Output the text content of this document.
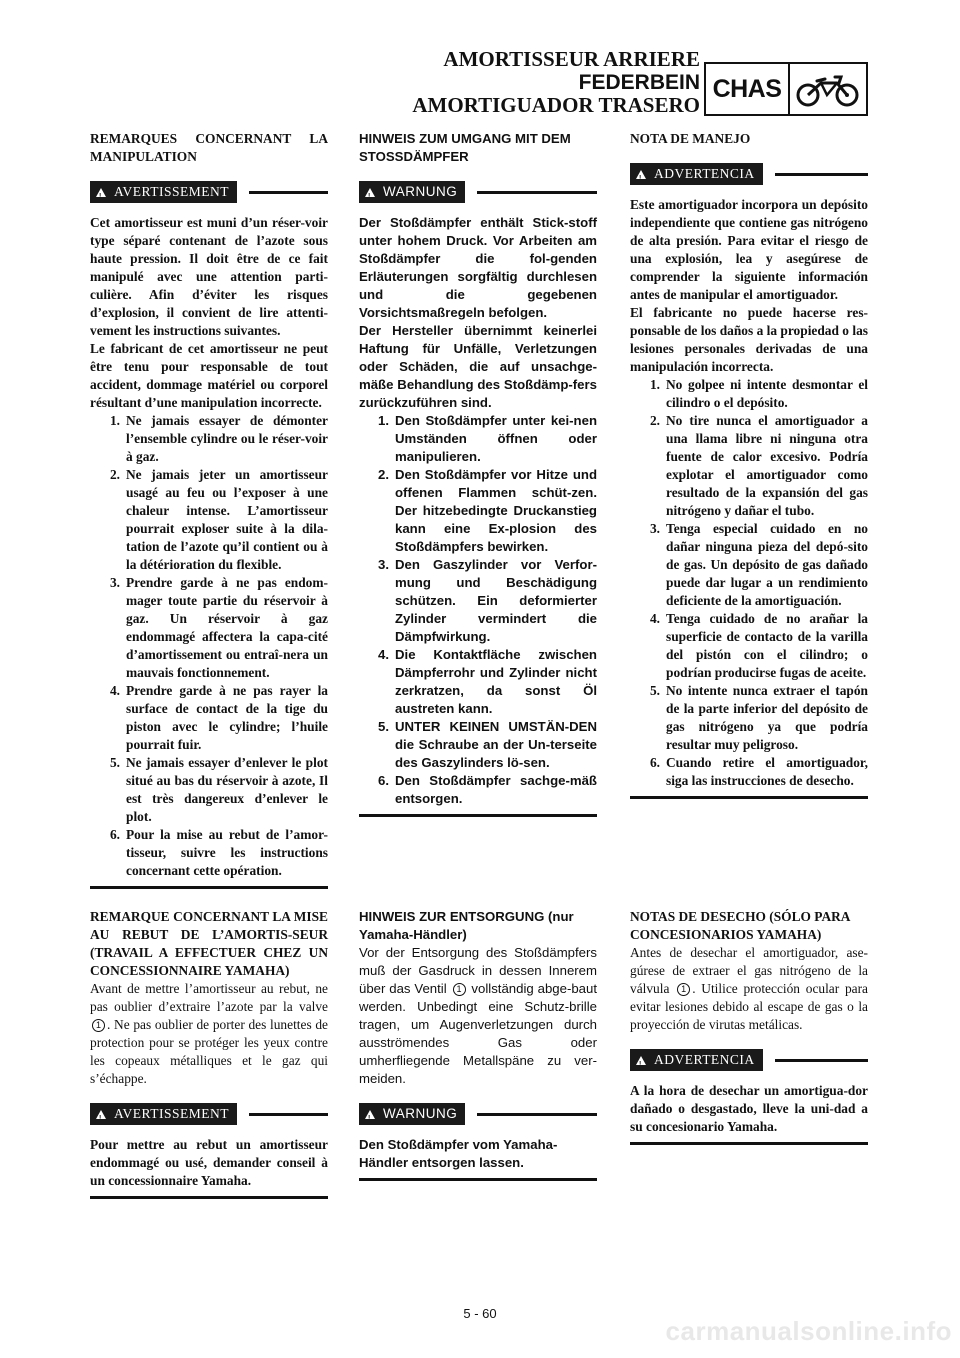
AMORTISSEUR ARRIERE
FEDERBEIN
AMORTIGUADOR TRASERO
CHAS

REMARQUES CONCERNANT LA MANIPULATION

!
AVERTISSEMENT

Cet amortisseur est muni d’un réser-voir type séparé contenant de l’azote sous haute pression. Il doit être de ce fait manipulé avec une attention parti-culière. Afin d’éviter les risques d’explosion, il convient de lire attenti-vement les instructions suivantes.

Le fabricant de cet amortisseur ne peut être tenu pour responsable de tout accident, dommage matériel ou corporel résultant d’une manipulation incorrecte.

1. Ne jamais essayer de démonter l’ensemble cylindre ou le réser-voir à gaz.
2. Ne jamais jeter un amortisseur usagé au feu ou l’exposer à une chaleur intense. L’amortisseur pourrait exploser suite à la dila-tation de l’azote qu’il contient ou à la détérioration du flexible.
3. Prendre garde à ne pas endom-mager toute partie du réservoir à gaz. Un réservoir à gaz endommagé affectera la capa-cité d’amortissement ou entraî-nera un mauvais fonctionnement.
4. Prendre garde à ne pas rayer la surface de contact de la tige du piston avec le cylindre; l’huile pourrait fuir.
5. Ne jamais essayer d’enlever le plot situé au bas du réservoir à azote, Il est très dangereux d’enlever le plot.
6. Pour la mise au rebut de l’amor-tisseur, suivre les instructions concernant cette opération.

REMARQUE CONCERNANT LA MISE AU REBUT DE L’AMORTIS-SEUR (TRAVAIL A EFFECTUER CHEZ UN CONCESSIONNAIRE YAMAHA)

Avant de mettre l’amortisseur au rebut, ne pas oublier d’extraire l’azote par la valve 1 . Ne pas oublier de porter des lunettes de protection pour se protéger les yeux contre les copeaux métalliques et le gaz qui s’échappe.

!
AVERTISSEMENT

Pour mettre au rebut un amortisseur endommagé ou usé, demander conseil à un concessionnaire Yamaha.

HINWEIS ZUM UMGANG MIT DEM STOSSDÄMPFER

!
WARNUNG

Der Stoßdämpfer enthält Stick-stoff unter hohem Druck. Vor Arbeiten am Stoßdämpfer die fol-genden Erläuterungen sorgfältig durchlesen und die gegebenen Vorsichtsmaßregeln befolgen.

Der Hersteller übernimmt keinerlei Haftung für Unfälle, Verletzungen oder Schäden, die auf unsachge-mäße Behandlung des Stoßdämp-fers zurückzuführen sind.

1. Den Stoßdämpfer unter kei-nen Umständen öffnen oder manipulieren.
2. Den Stoßdämpfer vor Hitze und offenen Flammen schüt-zen. Der hitzebedingte Druckanstieg kann eine Ex-plosion des Stoßdämpfers bewirken.
3. Den Gaszylinder vor Verfor-mung und Beschädigung schützen. Ein deformierter Zylinder vermindert die Dämpfwirkung.
4. Die Kontaktfläche zwischen Dämpferrohr und Zylinder nicht zerkratzen, da sonst Öl austreten kann.
5. UNTER KEINEN UMSTÄN-DEN die Schraube an der Un-terseite des Gaszylinders lö-sen.
6. Den Stoßdämpfer sachge-mäß entsorgen.

HINWEIS ZUR ENTSORGUNG (nur Yamaha-Händler)

Vor der Entsorgung des Stoßdämpfers muß der Gasdruck in dessen Innerem über das Ventil 1 vollständig abge-baut werden. Unbedingt eine Schutz-brille tragen, um Augenverletzungen durch ausströmendes Gas oder umherfliegende Metallspäne zu ver-meiden.

!
WARNUNG

Den Stoßdämpfer vom Yamaha-Händler entsorgen lassen.

NOTA DE MANEJO

!
ADVERTENCIA

Este amortiguador incorpora un depósito independiente que contiene gas nitrógeno de alta presión. Para evitar el riesgo de una explosión, lea y asegúrese de comprender la siguiente información antes de manipular el amortiguador.

El fabricante no puede hacerse res-ponsable de los daños a la propiedad o las lesiones personales derivadas de una manipulación incorrecta.

1. No golpee ni intente desmontar el cilindro o el depósito.
2. No tire nunca el amortiguador a una llama libre ni ninguna otra fuente de calor excesivo. Podría explotar el amortiguador como resultado de la expansión del gas nitrógeno y dañar el tubo.
3. Tenga especial cuidado en no dañar ninguna pieza del depó-sito de gas. Un depósito de gas dañado puede dar lugar a un rendimiento deficiente de la amortiguación.
4. Tenga cuidado de no arañar la superficie de contacto de la varilla del pistón con el cilindro; o podrían producirse fugas de aceite.
5. No intente nunca extraer el tapón de la parte inferior del depósito de gas nitrógeno ya que podría resultar muy peligroso.
6. Cuando retire el amortiguador, siga las instrucciones de desecho.

NOTAS DE DESECHO (SÓLO PARA CONCESIONARIOS YAMAHA)

Antes de desechar el amortiguador, ase-gúrese de extraer el gas nitrógeno de la válvula 1 . Utilice protección ocular para evitar lesiones debido al escape de gas o la proyección de virutas metálicas.

!
ADVERTENCIA

A la hora de desechar un amortigua-dor dañado o desgastado, lleve la uni-dad a su concesionario Yamaha.

5 - 60
carmanualsonline.info
